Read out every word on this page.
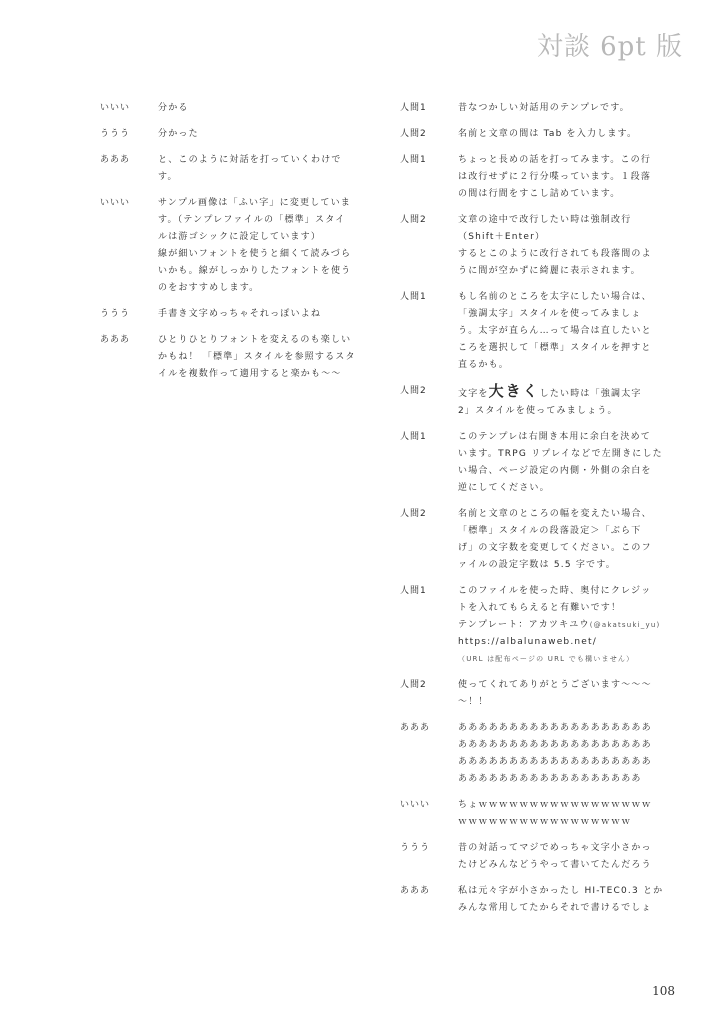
対談 6pt 版
いいい	分かる
ううう	分かった
あああ	と、このように対話を打っていくわけで
す。
いいい	サンプル画像は「ふい字」に変更していま
す。（テンプレファイルの「標準」スタイ
ルは游ゴシックに設定しています）
線が細いフォントを使うと細くて読みづら
いかも。線がしっかりしたフォントを使う
のをおすすめします。
ううう	手書き文字めっちゃそれっぽいよね
あああ	ひとりひとりフォントを変えるのも楽しい
かもね！ 「標準」スタイルを参照するスタ
イルを複数作って適用すると楽かも～～
人間1	昔なつかしい対話用のテンプレです。
人間2	名前と文章の間は Tab を入力します。
人間1	ちょっと長めの話を打ってみます。この行
は改行せずに２行分喋っています。１段落
の間は行間をすこし詰めています。
人間2	文章の途中で改行したい時は強制改行
（Shift＋Enter）
するとこのように改行されても段落間のよ
うに間が空かずに綺麗に表示されます。
人間1	もし名前のところを太字にしたい場合は、
「強調太字」スタイルを使ってみましょ
う。太字が直らん…って場合は直したいと
ころを選択して「標準」スタイルを押すと
直るかも。
人間2	文字を大きくしたい時は「強調太字
2」スタイルを使ってみましょう。
人間1	このテンプレは右開き本用に余白を決めて
います。TRPG リプレイなどで左開きにした
い場合、ページ設定の内側・外側の余白を
逆にしてください。
人間2	名前と文章のところの幅を変えたい場合、
「標準」スタイルの段落設定＞「ぶら下
げ」の文字数を変更してください。このフ
ァイルの設定字数は 5.5 字です。
人間1	このファイルを使った時、奥付にクレジッ
トを入れてもらえると有難いです！
テンプレート：アカツキユウ(@akatsuki_yu)
https://albalunaweb.net/
（URL は配布ページの URL でも構いません）
人間2	使ってくれてありがとうございます～～～
～！！
あああ	あああああああああああああああああああ
あああああああああああああああああああ
あああああああああああああああああああ
ああああああああああああああああああ
いいい	ちょｗｗｗｗｗｗｗｗｗｗｗｗｗｗｗｗｗ
ｗｗｗｗｗｗｗｗｗｗｗｗｗｗｗｗｗ
ううう	昔の対話ってマジでめっちゃ文字小さかっ
たけどみんなどうやって書いてたんだろう
あああ	私は元々字が小さかったし HI-TEC0.3 とか
みんな常用してたからそれで書けるでしょ
108
